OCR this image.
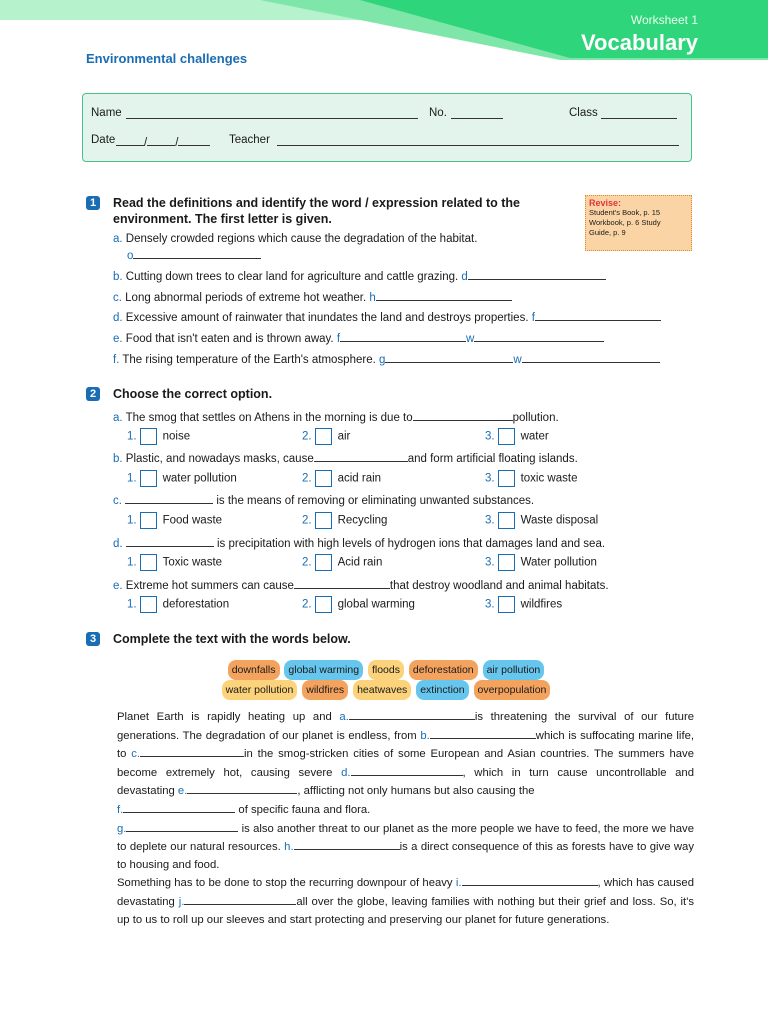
Worksheet 1
Vocabulary
Environmental challenges
Name	No.	Class
Date	/ /	Teacher
1	Read the definitions and identify the word / expression related to the environment. The first letter is given.
Revise:
Student's Book, p. 15
Workbook, p. 6 Study
Guide, p. 9
a. Densely crowded regions which cause the degradation of the habitat.
o
b. Cutting down trees to clear land for agriculture and cattle grazing. d
c. Long abnormal periods of extreme hot weather. h
d. Excessive amount of rainwater that inundates the land and destroys properties. f
e. Food that isn't eaten and is thrown away. f	w
f. The rising temperature of the Earth's atmosphere. g	w
2	Choose the correct option.
a. The smog that settles on Athens in the morning is due to	pollution.
1. noise	2. air	3. water
b. Plastic, and nowadays masks, cause	and form artificial floating islands.
1. water pollution	2. acid rain	3. toxic waste
c.	is the means of removing or eliminating unwanted substances.
1. Food waste	2. Recycling	3. Waste disposal
d.	is precipitation with high levels of hydrogen ions that damages land and sea.
1. Toxic waste	2. Acid rain	3. Water pollution
e. Extreme hot summers can cause	that destroy woodland and animal habitats.
1. deforestation	2. global warming	3. wildfires
3	Complete the text with the words below.
downfalls global warming floods deforestation air pollution
water pollution wildfires heatwaves extinction overpopulation
Planet Earth is rapidly heating up and a.	is threatening the survival of our future generations. The degradation of our planet is endless, from b.	which is suffocating marine life, to c.	in the smog-stricken cities of some European and Asian countries. The summers have become extremely hot, causing severe d.	, which in turn cause uncontrollable and devastating e.	, afflicting not only humans but also causing the
f.	of specific fauna and flora.
g.	is also another threat to our planet as the more people we have to feed, the more we have to deplete our natural resources. h.	is a direct consequence of this as forests have to give way to housing and food.
Something has to be done to stop the recurring downpour of heavy i.	, which has caused devastating j.	all over the globe, leaving families with nothing but their grief and loss. So, it's up to us to roll up our sleeves and start protecting and preserving our planet for future generations.
